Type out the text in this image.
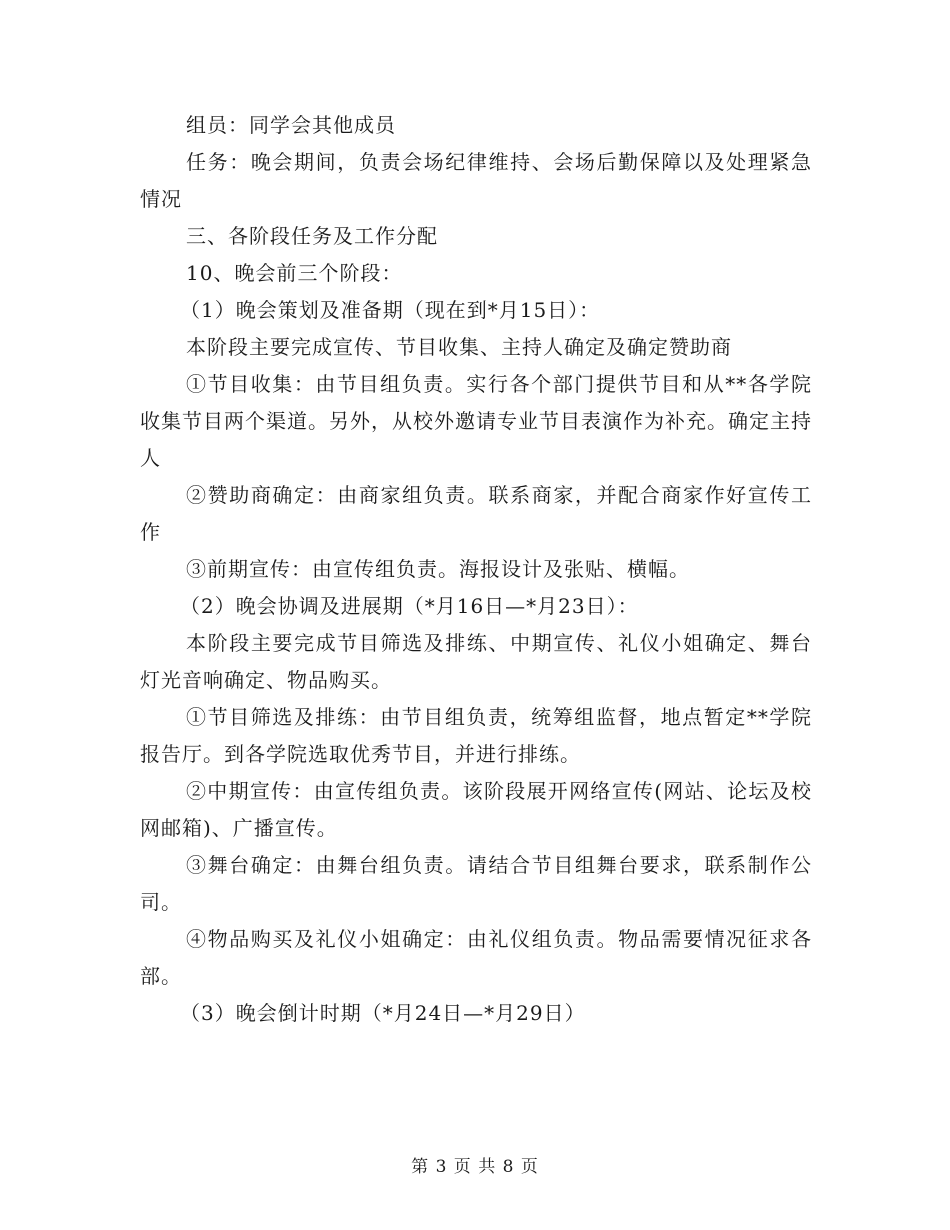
组员：同学会其他成员

任务：晚会期间，负责会场纪律维持、会场后勤保障以及处理紧急情况

三、各阶段任务及工作分配

10、晚会前三个阶段：

（1）晚会策划及准备期（现在到*月15日）：

本阶段主要完成宣传、节目收集、主持人确定及确定赞助商

①节目收集：由节目组负责。实行各个部门提供节目和从**各学院收集节目两个渠道。另外，从校外邀请专业节目表演作为补充。确定主持人

②赞助商确定：由商家组负责。联系商家，并配合商家作好宣传工作

③前期宣传：由宣传组负责。海报设计及张贴、横幅。

（2）晚会协调及进展期（*月16日—*月23日）：

本阶段主要完成节目筛选及排练、中期宣传、礼仪小姐确定、舞台灯光音响确定、物品购买。

①节目筛选及排练：由节目组负责，统筹组监督，地点暂定**学院报告厅。到各学院选取优秀节目，并进行排练。

②中期宣传：由宣传组负责。该阶段展开网络宣传(网站、论坛及校网邮箱)、广播宣传。

③舞台确定：由舞台组负责。请结合节目组舞台要求，联系制作公司。

④物品购买及礼仪小姐确定：由礼仪组负责。物品需要情况征求各部。

（3）晚会倒计时期（*月24日—*月29日）

第 3 页 共 8 页
